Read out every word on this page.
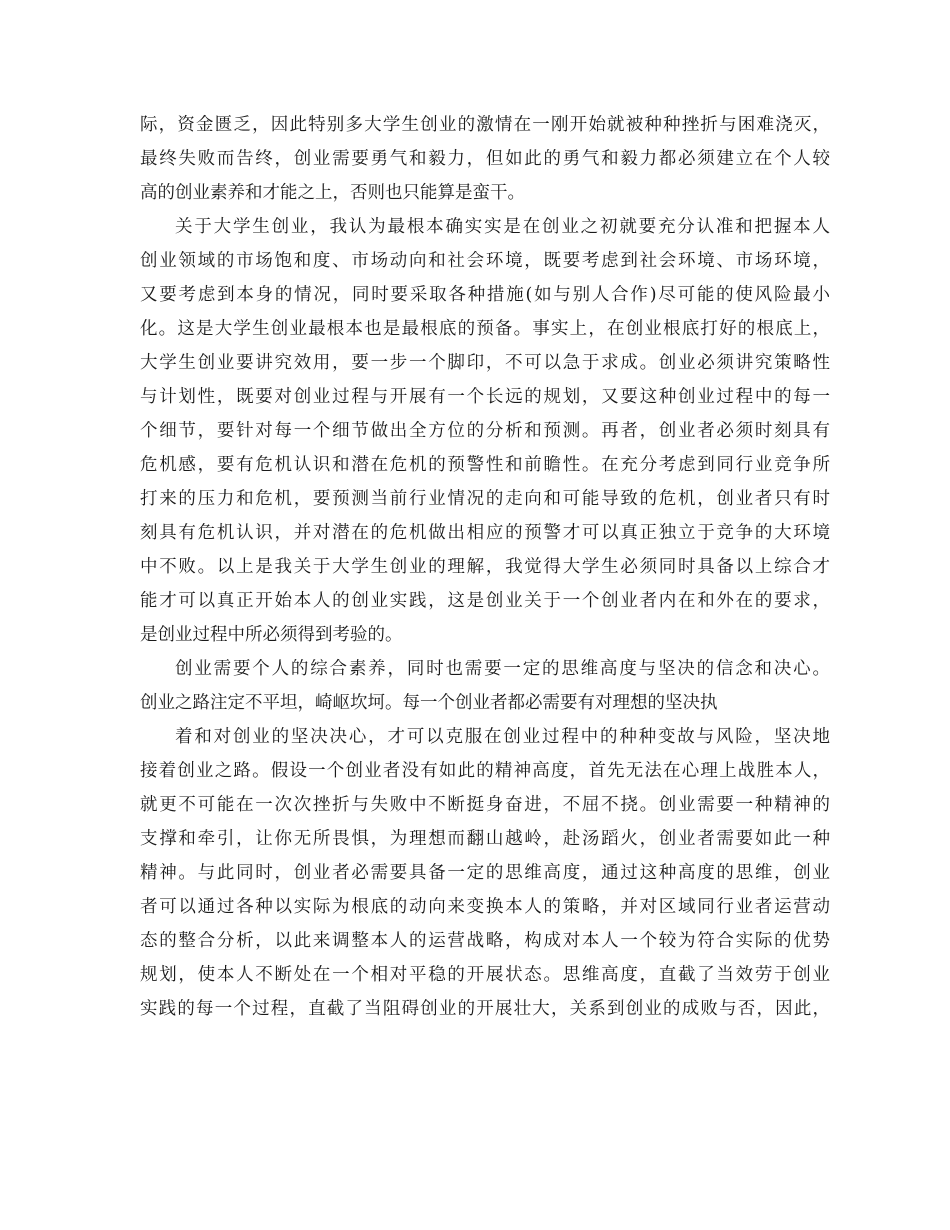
际，资金匮乏，因此特别多大学生创业的激情在一刚开始就被种种挫折与困难浇灭，
最终失败而告终，创业需要勇气和毅力，但如此的勇气和毅力都必须建立在个人较
高的创业素养和才能之上，否则也只能算是蛮干。
关于大学生创业，我认为最根本确实实是在创业之初就要充分认准和把握本人
创业领域的市场饱和度、市场动向和社会环境，既要考虑到社会环境、市场环境，
又要考虑到本身的情况，同时要采取各种措施(如与别人合作)尽可能的使风险最小
化。这是大学生创业最根本也是最根底的预备。事实上，在创业根底打好的根底上，
大学生创业要讲究效用，要一步一个脚印，不可以急于求成。创业必须讲究策略性
与计划性，既要对创业过程与开展有一个长远的规划，又要这种创业过程中的每一
个细节，要针对每一个细节做出全方位的分析和预测。再者，创业者必须时刻具有
危机感，要有危机认识和潜在危机的预警性和前瞻性。在充分考虑到同行业竞争所
打来的压力和危机，要预测当前行业情况的走向和可能导致的危机，创业者只有时
刻具有危机认识，并对潜在的危机做出相应的预警才可以真正独立于竞争的大环境
中不败。以上是我关于大学生创业的理解，我觉得大学生必须同时具备以上综合才
能才可以真正开始本人的创业实践，这是创业关于一个创业者内在和外在的要求，
是创业过程中所必须得到考验的。
创业需要个人的综合素养，同时也需要一定的思维高度与坚决的信念和决心。
创业之路注定不平坦，崎岖坎坷。每一个创业者都必需要有对理想的坚决执
着和对创业的坚决决心，才可以克服在创业过程中的种种变故与风险，坚决地
接着创业之路。假设一个创业者没有如此的精神高度，首先无法在心理上战胜本人，
就更不可能在一次次挫折与失败中不断挺身奋进，不屈不挠。创业需要一种精神的
支撑和牵引，让你无所畏惧，为理想而翻山越岭，赴汤蹈火，创业者需要如此一种
精神。与此同时，创业者必需要具备一定的思维高度，通过这种高度的思维，创业
者可以通过各种以实际为根底的动向来变换本人的策略，并对区域同行业者运营动
态的整合分析，以此来调整本人的运营战略，构成对本人一个较为符合实际的优势
规划，使本人不断处在一个相对平稳的开展状态。思维高度，直截了当效劳于创业
实践的每一个过程，直截了当阻碍创业的开展壮大，关系到创业的成败与否，因此，
